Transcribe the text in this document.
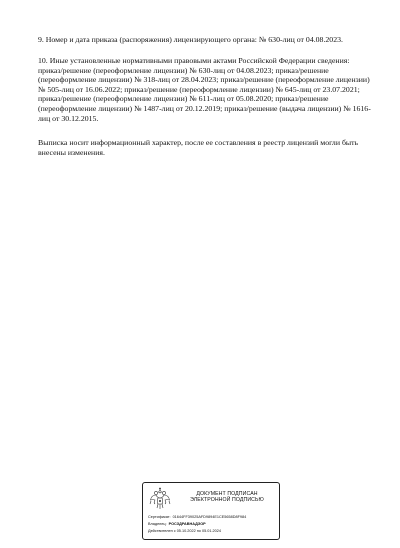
9. Номер и дата приказа (распоряжения) лицензирующего органа: № 630-лиц от 04.08.2023.

10. Иные установленные нормативными правовыми актами Российской Федерации сведения: приказ/решение (переоформление лицензии) № 630-лиц от 04.08.2023; приказ/решение (переоформление лицензии) № 318-лиц от 28.04.2023; приказ/решение (переоформление лицензии) № 505-лиц от 16.06.2022; приказ/решение (переоформление лицензии) № 645-лиц от 23.07.2021; приказ/решение (переоформление лицензии) № 611-лиц от 05.08.2020; приказ/решение (переоформление лицензии) № 1487-лиц от 20.12.2019; приказ/решение (выдача лицензии) № 1616-лиц от 30.12.2015.

Выписка носит информационный характер, после ее составления в реестр лицензий могли быть внесены изменения.

ДОКУМЕНТ ПОДПИСАН
ЭЛЕКТРОННОЙ ПОДПИСЬЮ
Сертификат: 01644FF39025AFD9894E1CE5658D8F984
Владелец: РОСЗДРАВНАДЗОР
Действителен с 05.10.2022 по 05.01.2024
